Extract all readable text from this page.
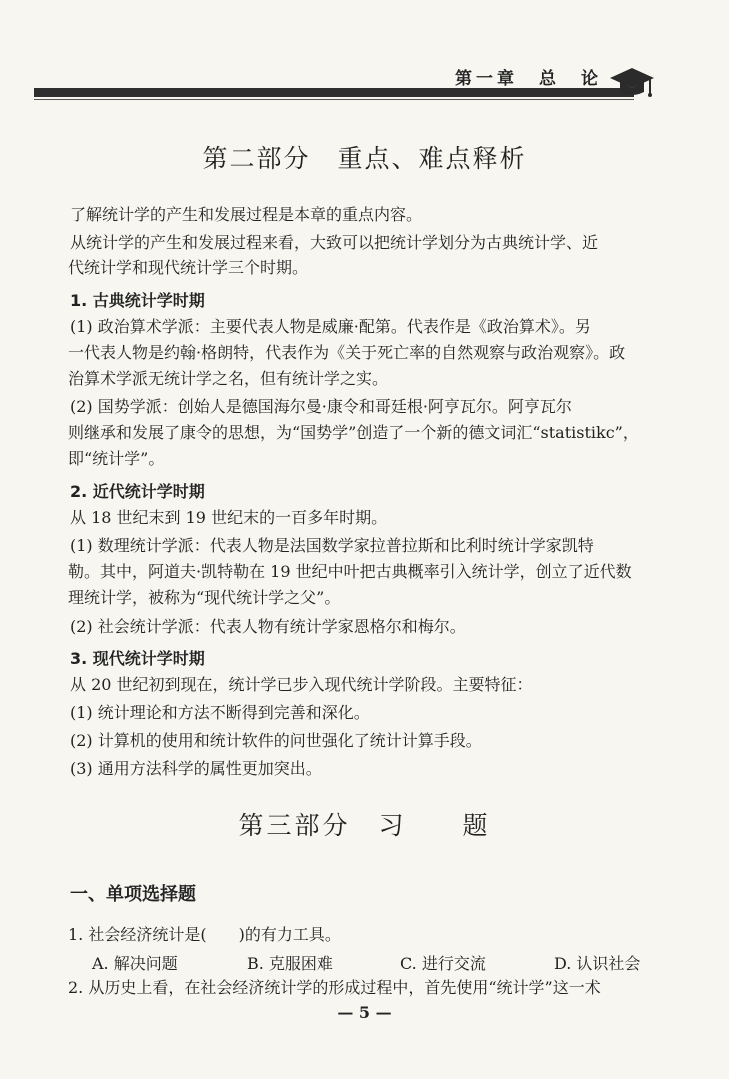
第一章　总　论
第二部分　重点、难点释析
了解统计学的产生和发展过程是本章的重点内容。
从统计学的产生和发展过程来看，大致可以把统计学划分为古典统计学、近
代统计学和现代统计学三个时期。
1. 古典统计学时期
(1) 政治算术学派：主要代表人物是威廉·配第。代表作是《政治算术》。另
一代表人物是约翰·格朗特，代表作为《关于死亡率的自然观察与政治观察》。政
治算术学派无统计学之名，但有统计学之实。
(2) 国势学派：创始人是德国海尔曼·康令和哥廷根·阿亨瓦尔。阿亨瓦尔
则继承和发展了康令的思想，为“国势学”创造了一个新的德文词汇“statistikc”，
即“统计学”。
2. 近代统计学时期
从 18 世纪末到 19 世纪末的一百多年时期。
(1) 数理统计学派：代表人物是法国数学家拉普拉斯和比利时统计学家凯特
勒。其中，阿道夫·凯特勒在 19 世纪中叶把古典概率引入统计学，创立了近代数
理统计学，被称为“现代统计学之父”。
(2) 社会统计学派：代表人物有统计学家恩格尔和梅尔。
3. 现代统计学时期
从 20 世纪初到现在，统计学已步入现代统计学阶段。主要特征：
(1) 统计理论和方法不断得到完善和深化。
(2) 计算机的使用和统计软件的问世强化了统计计算手段。
(3) 通用方法科学的属性更加突出。
第三部分　习　　题
一、单项选择题
1. 社会经济统计是(　　)的有力工具。
A. 解决问题	B. 克服困难	C. 进行交流	D. 认识社会
2. 从历史上看，在社会经济统计学的形成过程中，首先使用“统计学”这一术
— 5 —
